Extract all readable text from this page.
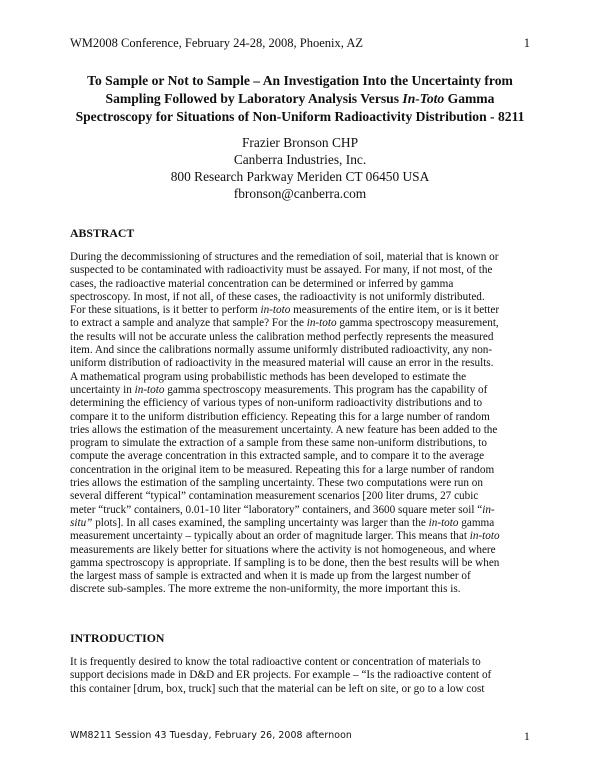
WM2008 Conference, February 24-28, 2008, Phoenix, AZ	1
To Sample or Not to Sample – An Investigation Into the Uncertainty from
Sampling Followed by Laboratory Analysis Versus In-Toto Gamma
Spectroscopy for Situations of Non-Uniform Radioactivity Distribution - 8211
Frazier Bronson CHP
Canberra Industries, Inc.
800 Research Parkway Meriden CT 06450 USA
fbronson@canberra.com
ABSTRACT
During the decommissioning of structures and the remediation of soil, material that is known or
suspected to be contaminated with radioactivity must be assayed. For many, if not most, of the
cases, the radioactive material concentration can be determined or inferred by gamma
spectroscopy. In most, if not all, of these cases, the radioactivity is not uniformly distributed.
For these situations, is it better to perform in-toto measurements of the entire item, or is it better
to extract a sample and analyze that sample? For the in-toto gamma spectroscopy measurement,
the results will not be accurate unless the calibration method perfectly represents the measured
item. And since the calibrations normally assume uniformly distributed radioactivity, any non-
uniform distribution of radioactivity in the measured material will cause an error in the results.
A mathematical program using probabilistic methods has been developed to estimate the
uncertainty in in-toto gamma spectroscopy measurements. This program has the capability of
determining the efficiency of various types of non-uniform radioactivity distributions and to
compare it to the uniform distribution efficiency. Repeating this for a large number of random
tries allows the estimation of the measurement uncertainty. A new feature has been added to the
program to simulate the extraction of a sample from these same non-uniform distributions, to
compute the average concentration in this extracted sample, and to compare it to the average
concentration in the original item to be measured. Repeating this for a large number of random
tries allows the estimation of the sampling uncertainty. These two computations were run on
several different “typical” contamination measurement scenarios [200 liter drums, 27 cubic
meter “truck” containers, 0.01-10 liter “laboratory” containers, and 3600 square meter soil “in-
situ” plots]. In all cases examined, the sampling uncertainty was larger than the in-toto gamma
measurement uncertainty – typically about an order of magnitude larger. This means that in-toto
measurements are likely better for situations where the activity is not homogeneous, and where
gamma spectroscopy is appropriate. If sampling is to be done, then the best results will be when
the largest mass of sample is extracted and when it is made up from the largest number of
discrete sub-samples. The more extreme the non-uniformity, the more important this is.
INTRODUCTION
It is frequently desired to know the total radioactive content or concentration of materials to
support decisions made in D&D and ER projects. For example – “Is the radioactive content of
this container [drum, box, truck] such that the material can be left on site, or go to a low cost
WM8211 Session 43 Tuesday, February 26, 2008 afternoon	1
